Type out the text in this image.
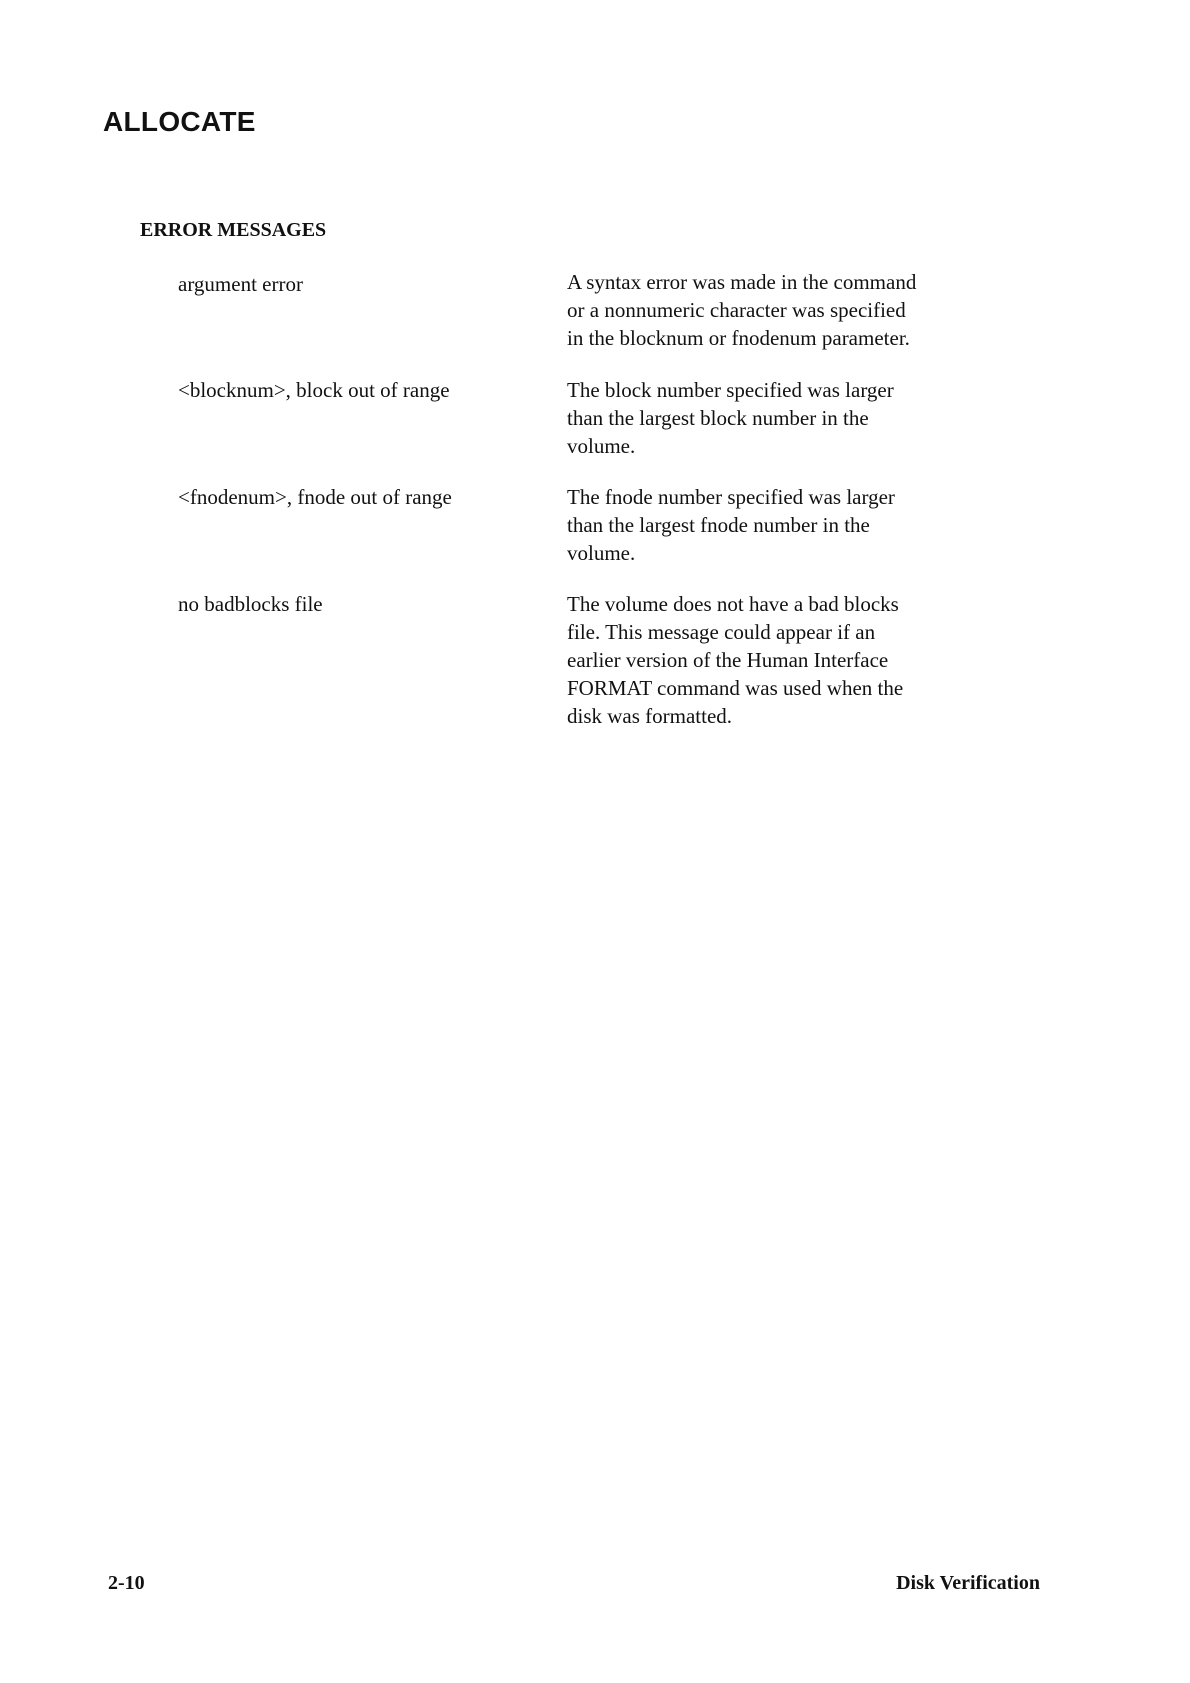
ALLOCATE
ERROR MESSAGES
argument error	A syntax error was made in the command
or a nonnumeric character was specified
in the blocknum or fnodenum parameter.
<blocknum>, block out of range	The block number specified was larger
than the largest block number in the
volume.
<fnodenum>, fnode out of range	The fnode number specified was larger
than the largest fnode number in the
volume.
no badblocks file	The volume does not have a bad blocks
file. This message could appear if an
earlier version of the Human Interface
FORMAT command was used when the
disk was formatted.
2-10	Disk Verification
